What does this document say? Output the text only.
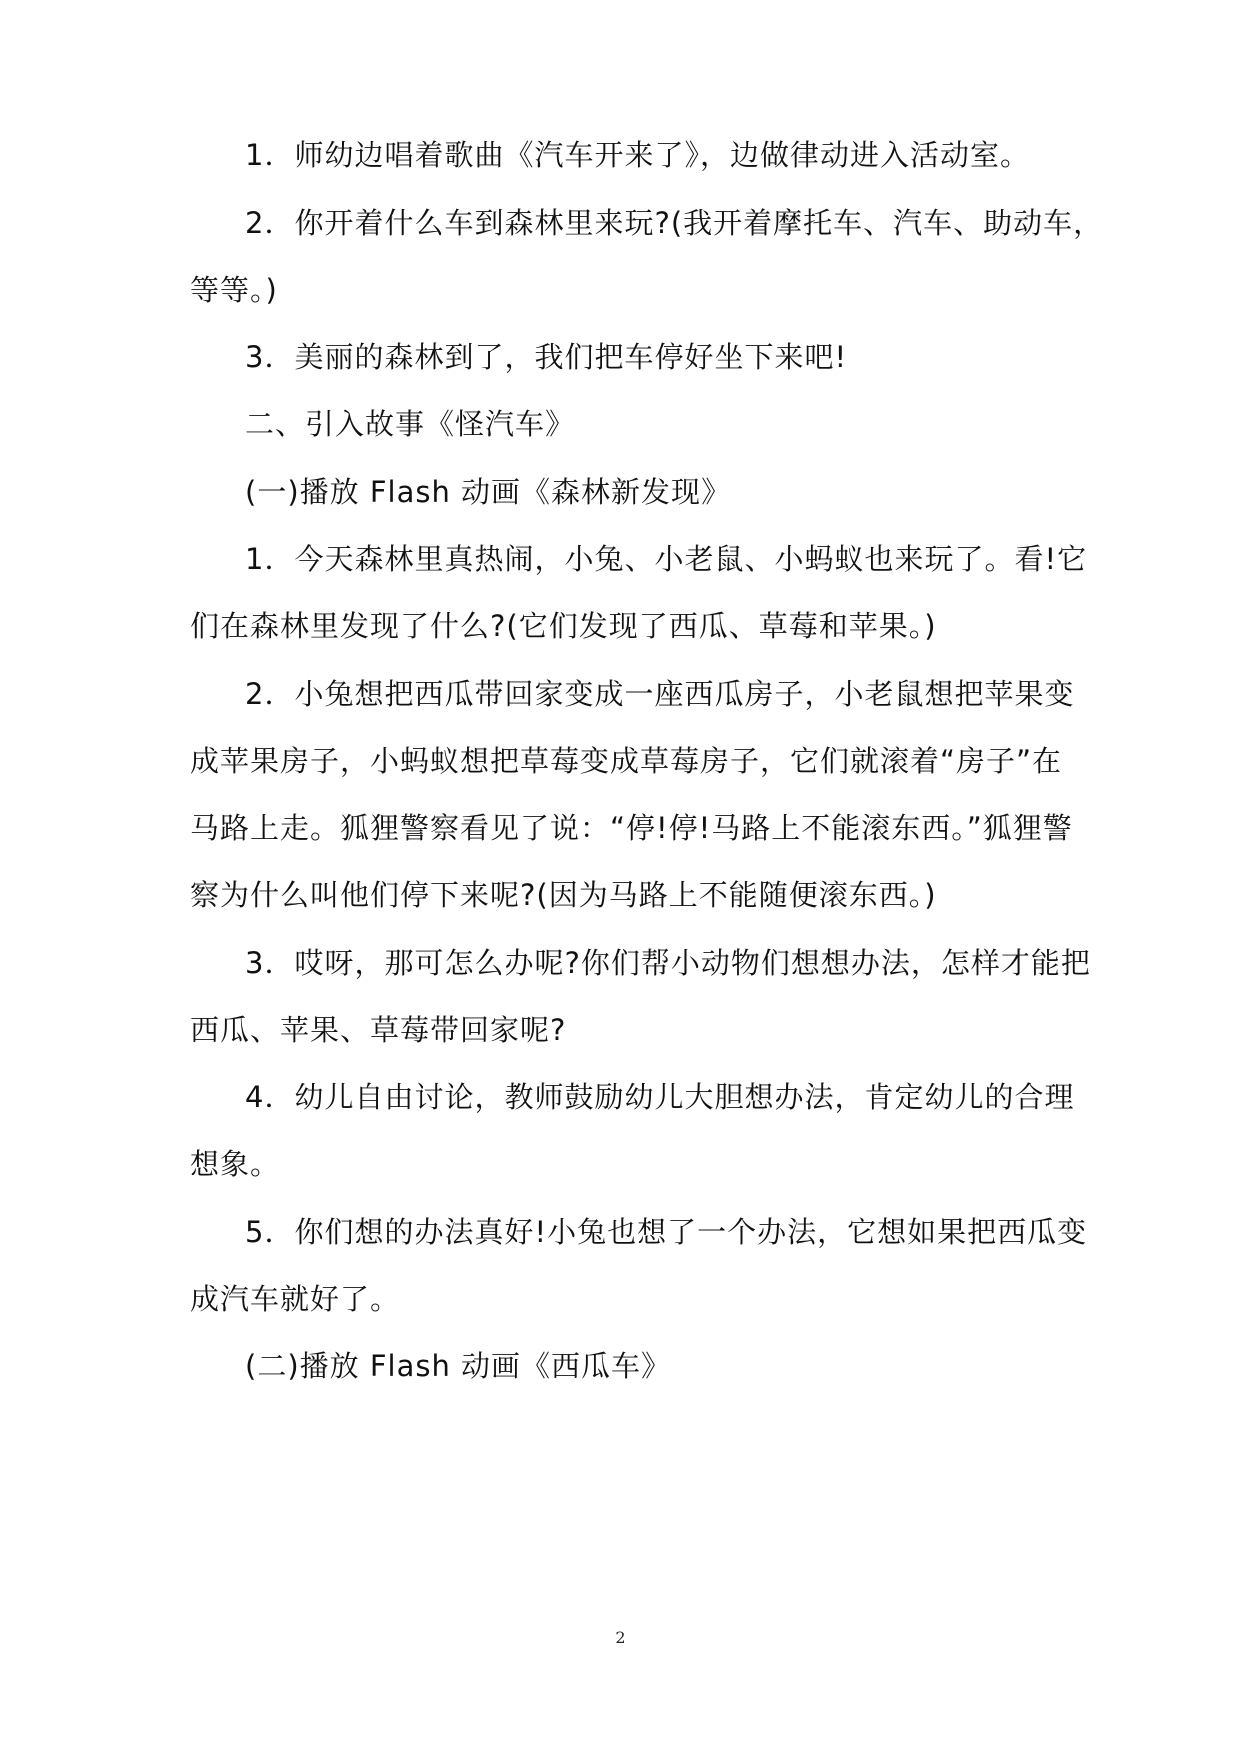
1．师幼边唱着歌曲《汽车开来了》，边做律动进入活动室。
2．你开着什么车到森林里来玩?(我开着摩托车、汽车、助动车，
等等。)
3．美丽的森林到了，我们把车停好坐下来吧!
二、引入故事《怪汽车》
(一)播放 Flash 动画《森林新发现》
1．今天森林里真热闹，小兔、小老鼠、小蚂蚁也来玩了。看!它
们在森林里发现了什么?(它们发现了西瓜、草莓和苹果。)
2．小兔想把西瓜带回家变成一座西瓜房子，小老鼠想把苹果变
成苹果房子，小蚂蚁想把草莓变成草莓房子，它们就滚着“房子”在
马路上走。狐狸警察看见了说：“停!停!马路上不能滚东西。”狐狸警
察为什么叫他们停下来呢?(因为马路上不能随便滚东西。)
3．哎呀，那可怎么办呢?你们帮小动物们想想办法，怎样才能把
西瓜、苹果、草莓带回家呢?
4．幼儿自由讨论，教师鼓励幼儿大胆想办法，肯定幼儿的合理
想象。
5．你们想的办法真好!小兔也想了一个办法，它想如果把西瓜变
成汽车就好了。
(二)播放 Flash 动画《西瓜车》
2
